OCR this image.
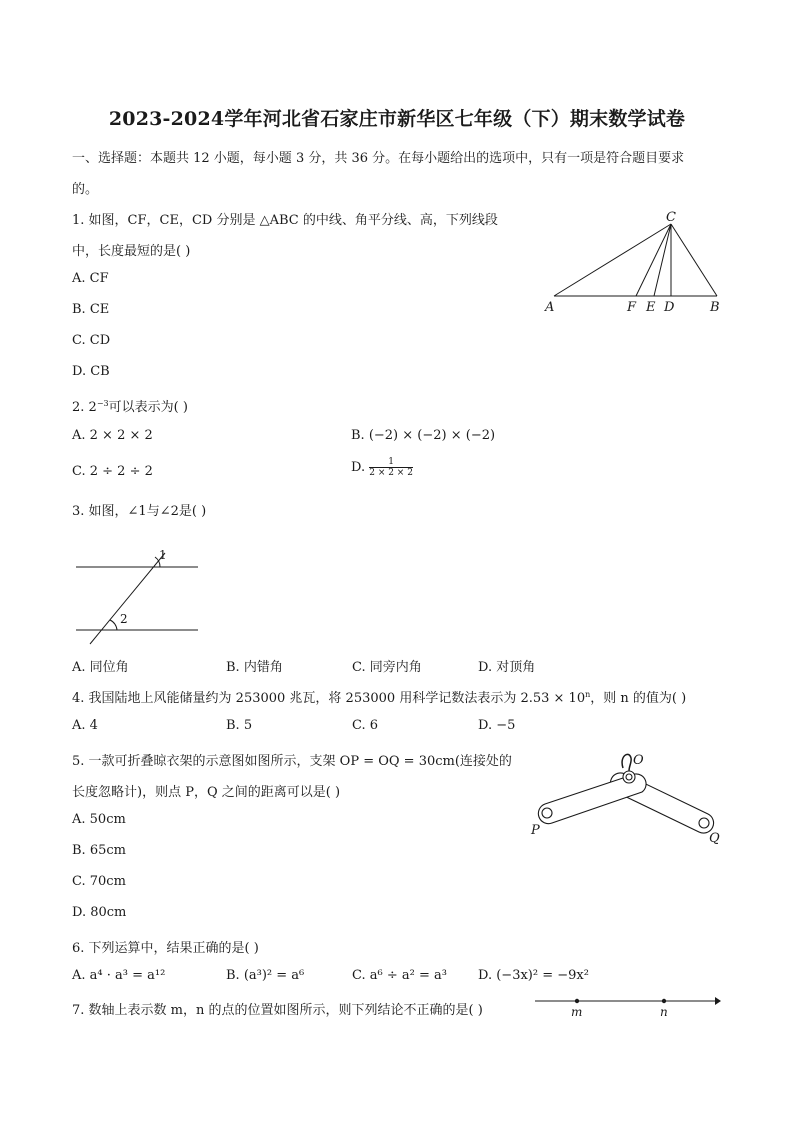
2023-2024学年河北省石家庄市新华区七年级（下）期末数学试卷
一、选择题：本题共 12 小题，每小题 3 分，共 36 分。在每小题给出的选项中，只有一项是符合题目要求
的。
1. 如图，CF，CE，CD 分别是 △ABC 的中线、角平分线、高，下列线段
中，长度最短的是( )
A. CF
B. CE
C. CD
D. CB
C
A	F E D	B
2. $2^{-3}$可以表示为( )
A. 2 × 2 × 2	B. (−2) × (−2) × (−2)
C. 2 ÷ 2 ÷ 2	D. $\frac{1}{2 \times 2 \times 2}$
3. 如图，∠1与∠2是( )
1
2
A. 同位角	B. 内错角	C. 同旁内角	D. 对顶角
4. 我国陆地上风能储量约为 253000 兆瓦，将 253000 用科学记数法表示为 $2.53 \times 10^n$，则 n 的值为( )
A. 4	B. 5	C. 6	D. −5
5. 一款可折叠晾衣架的示意图如图所示，支架 OP = OQ = 30cm(连接处的
长度忽略计)，则点 P，Q 之间的距离可以是( )
A. 50cm
B. 65cm
C. 70cm
D. 80cm
O
P
Q
6. 下列运算中，结果正确的是( )
A. a⁴ · a³ = a¹²	B. (a³)² = a⁶	C. a⁶ ÷ a² = a³ D. (−3x)² = −9x²
7. 数轴上表示数 m，n 的点的位置如图所示，则下列结论不正确的是( )	m	n
